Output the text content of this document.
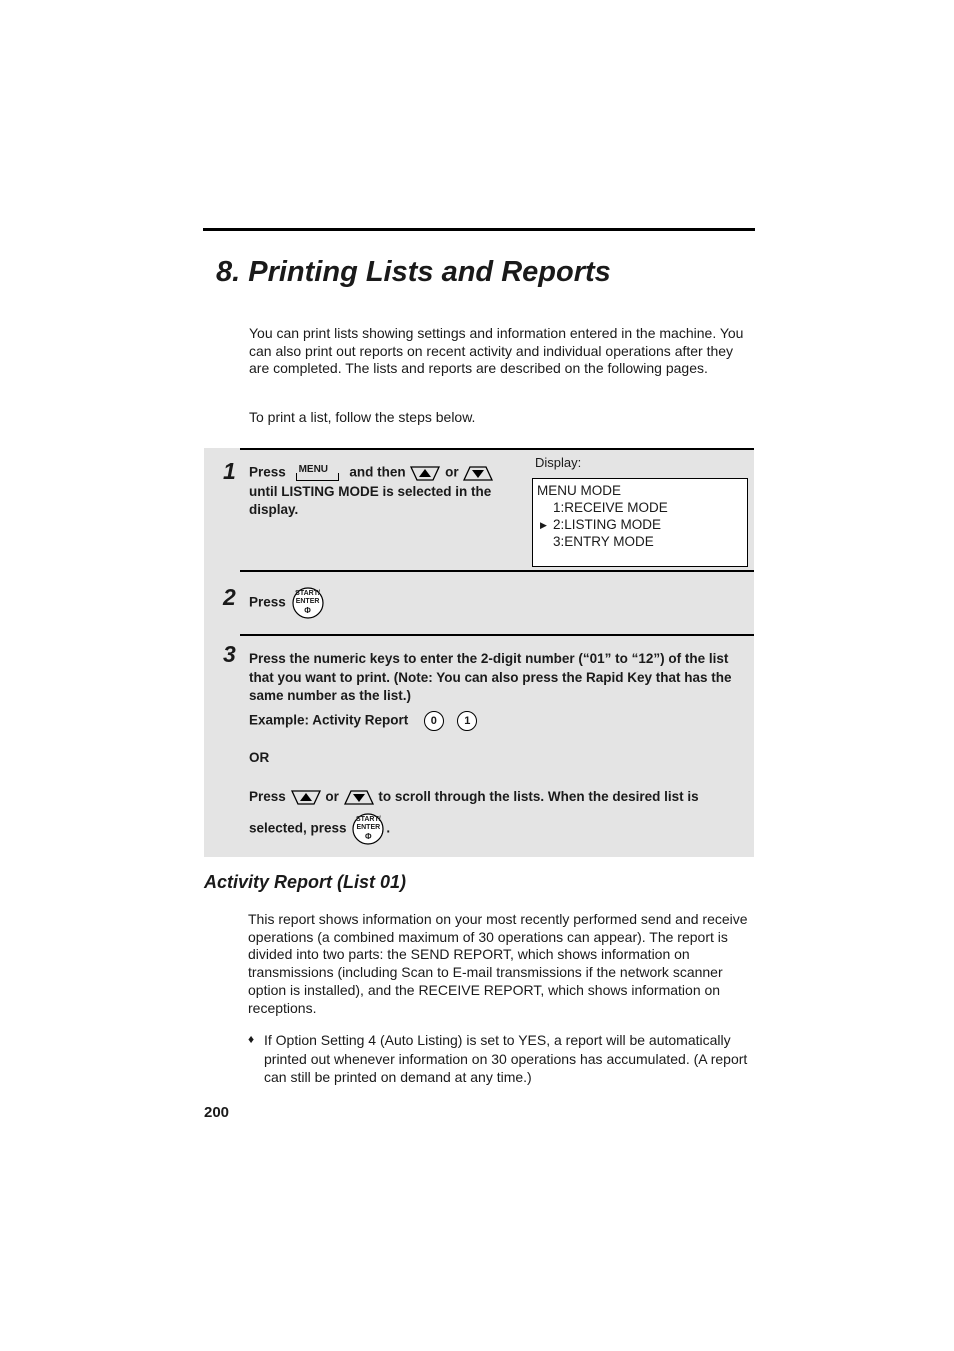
8. Printing Lists and Reports
You can print lists showing settings and information entered in the machine. You can also print out reports on recent activity and individual operations after they are completed. The lists and reports are described on the following pages.
To print a list, follow the steps below.
1 Press MENU and then	or
until LISTING MODE is selected in the display.
Display:
MENU MODE
1:RECEIVE MODE
▶ 2:LISTING MODE
3:ENTRY MODE
2 Press
START/
ENTER
Φ
3 Press the numeric keys to enter the 2-digit number (“01” to “12”) of the list that you want to print. (Note: You can also press the Rapid Key that has the same number as the list.)
Example: Activity Report 0 1
OR
Press	or	to scroll through the lists. When the desired list is
selected, press
START/
ENTER
Φ
.
Activity Report (List 01)
This report shows information on your most recently performed send and receive operations (a combined maximum of 30 operations can appear). The report is divided into two parts: the SEND REPORT, which shows information on transmissions (including Scan to E-mail transmissions if the network scanner option is installed), and the RECEIVE REPORT, which shows information on receptions.
♦ If Option Setting 4 (Auto Listing) is set to YES, a report will be automatically printed out whenever information on 30 operations has accumulated. (A report can still be printed on demand at any time.)
200
